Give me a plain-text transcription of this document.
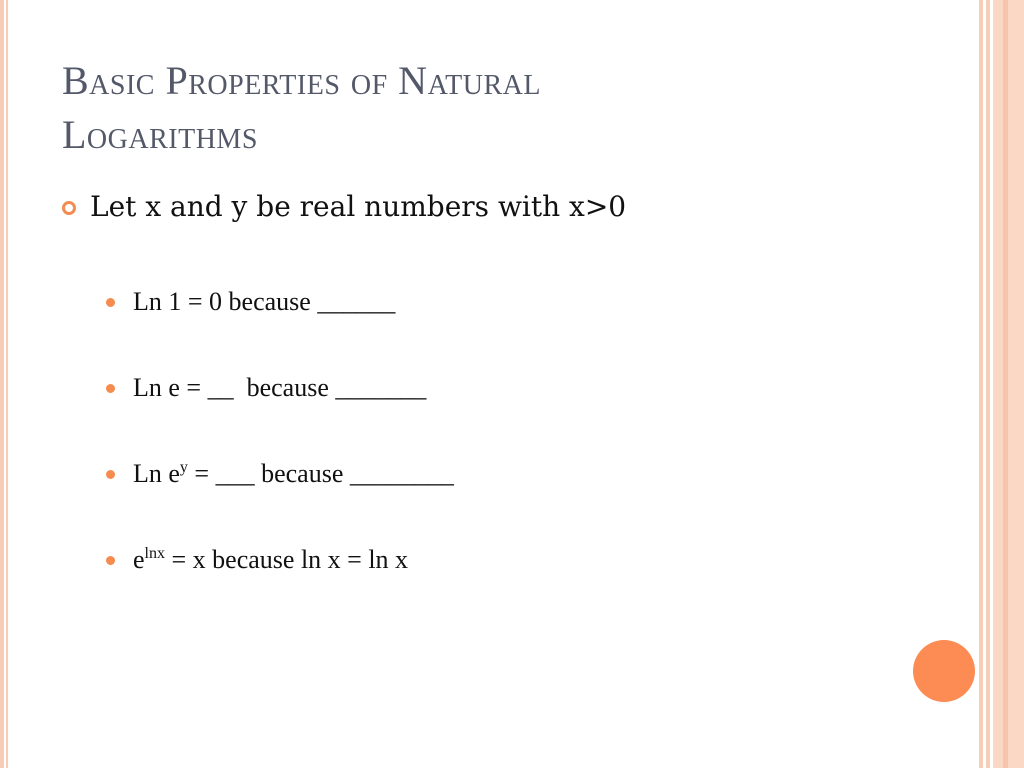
Basic Properties of Natural
Logarithms
Let x and y be real numbers with x>0
Ln 1 = 0 because ______
Ln e = __  because _______
Ln $e^y$ = ___ because ________
$e^{lnx} = x$ because ln x = ln x
